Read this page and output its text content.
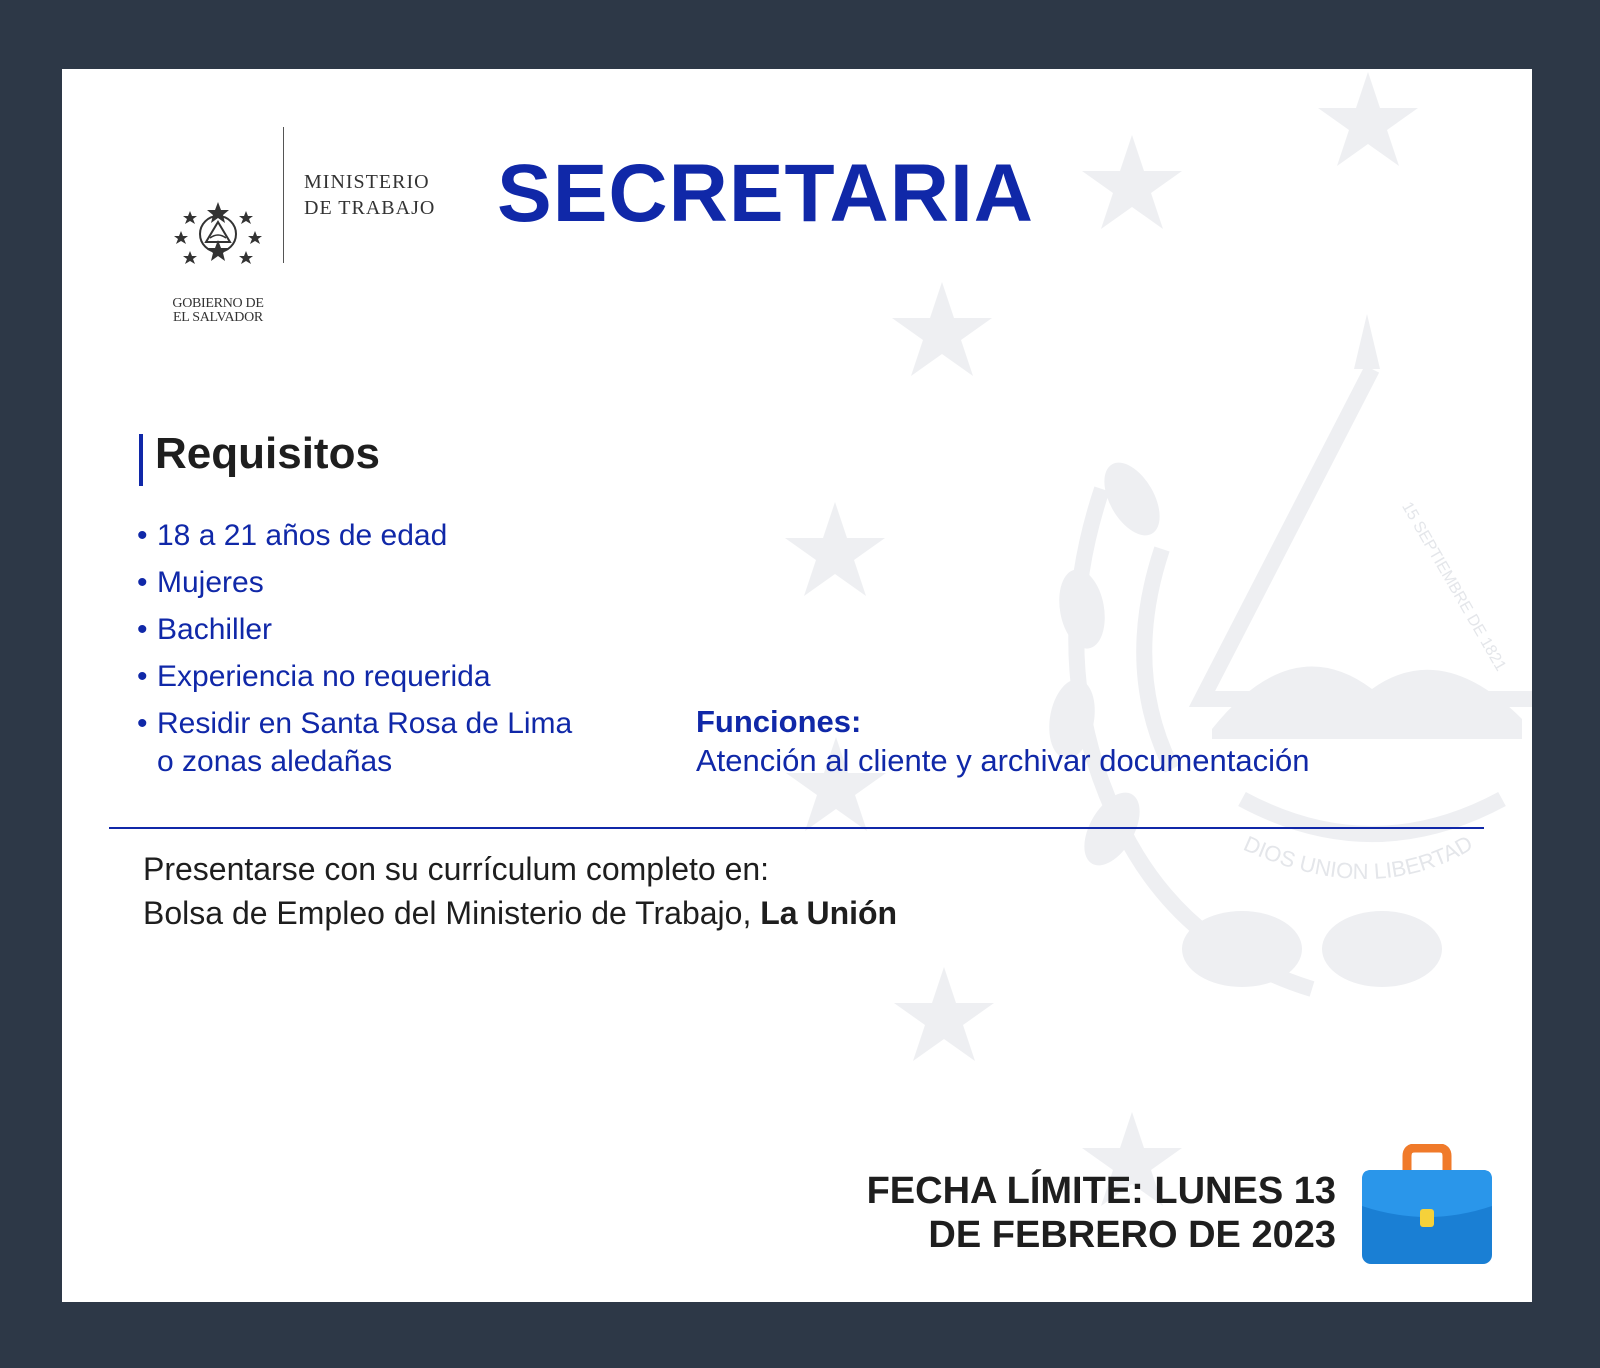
DIOS UNION LIBERTAD
15 SEPTIEMBRE DE 1821
GOBIERNO DE
EL SALVADOR
MINISTERIO
DE TRABAJO SECRETARIA
Requisitos
• 18 a 21 años de edad
• Mujeres
• Bachiller
• Experiencia no requerida
• Residir en Santa Rosa de Lima o zonas aledañas
Funciones:
Atención al cliente y archivar documentación
Presentarse con su currículum completo en:
Bolsa de Empleo del Ministerio de Trabajo, La Unión
FECHA LÍMITE: LUNES 13
DE FEBRERO DE 2023
